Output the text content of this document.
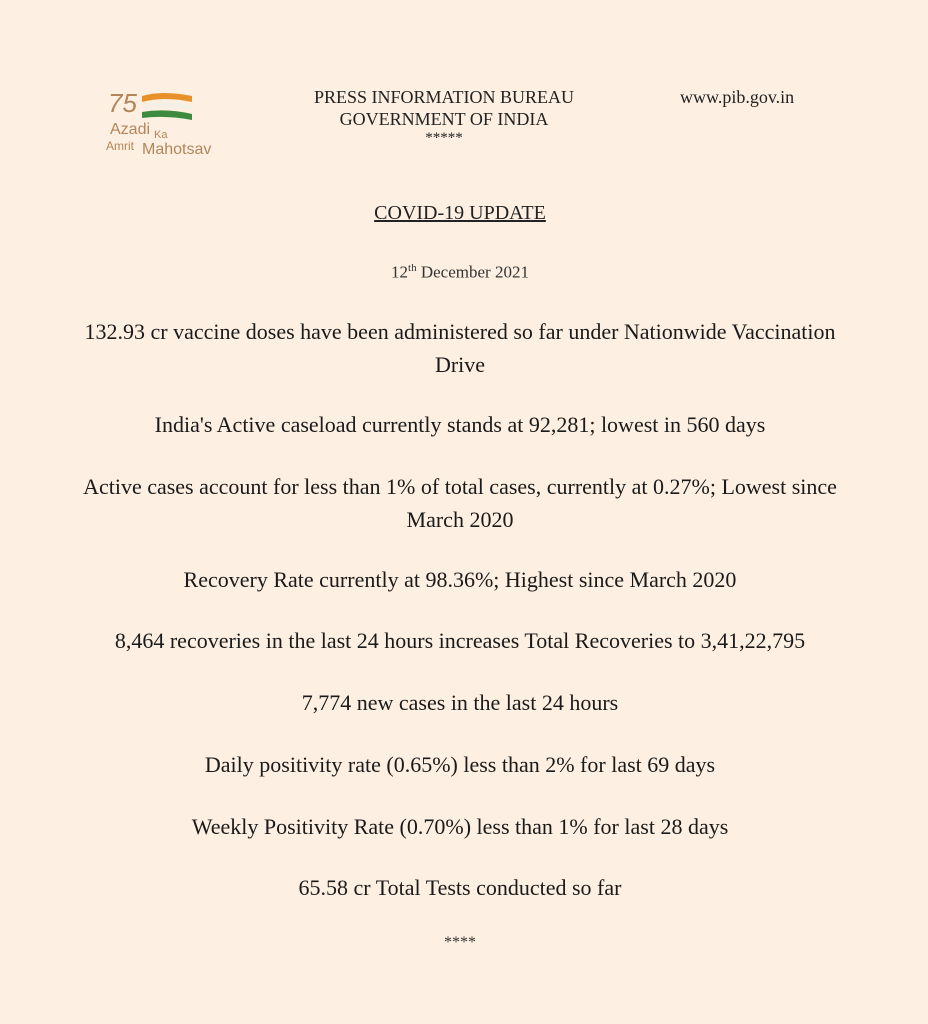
75
Azadi Ka
Amrit Mahotsav
PRESS INFORMATION BUREAU
GOVERNMENT OF INDIA
*****
www.pib.gov.in
COVID-19 UPDATE
12th December 2021
132.93 cr vaccine doses have been administered so far under Nationwide Vaccination Drive
India's Active caseload currently stands at 92,281; lowest in 560 days
Active cases account for less than 1% of total cases, currently at 0.27%; Lowest since March 2020
Recovery Rate currently at 98.36%; Highest since March 2020
8,464 recoveries in the last 24 hours increases Total Recoveries to 3,41,22,795
7,774 new cases in the last 24 hours
Daily positivity rate (0.65%) less than 2% for last 69 days
Weekly Positivity Rate (0.70%) less than 1% for last 28 days
65.58 cr Total Tests conducted so far
****
